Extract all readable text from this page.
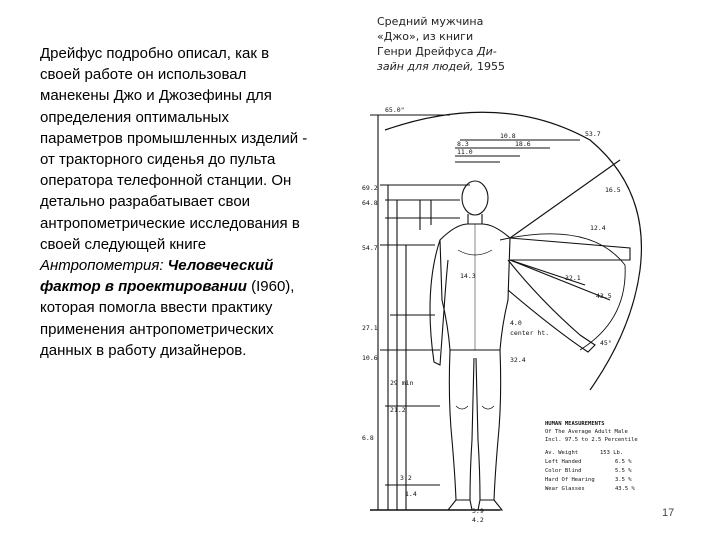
Дрейфус подробно описал, как в своей работе он использовал манекены Джо и Джозефины для определения оптимальных параметров промышленных изделий - от тракторного сиденья до пульта оператора телефонной станции. Он детально разрабатывает свои антропометрические исследования в своей следующей книге Антропометрия: Человеческий фактор в проектировании (I960), которая помогла ввести практику применения антропометрических данных в работу дизайнеров.
Средний мужчина
«Джо», из книги
Генри Дрейфуса Ди-
зайн для людей, 1955
65.0"
10.8
8.3
11.0
18.6
53.7
69.2
64.8
54.7
14.3
16.5
12.4
32.1
43.5
45°
4.0
center ht.
32.4
29 min
21.2
3.2
3.9
4.2
10.6
6.8
27.1
1.4
HUMAN MEASUREMENTS
Of The Average Adult Male
Incl. 97.5 to 2.5 Percentile
Av. Weight	153 Lb.
Left Handed	6.5 %
Color Blind	5.5 %
Hard Of Hearing	3.5 %
Wear Glasses	43.5 %
17
